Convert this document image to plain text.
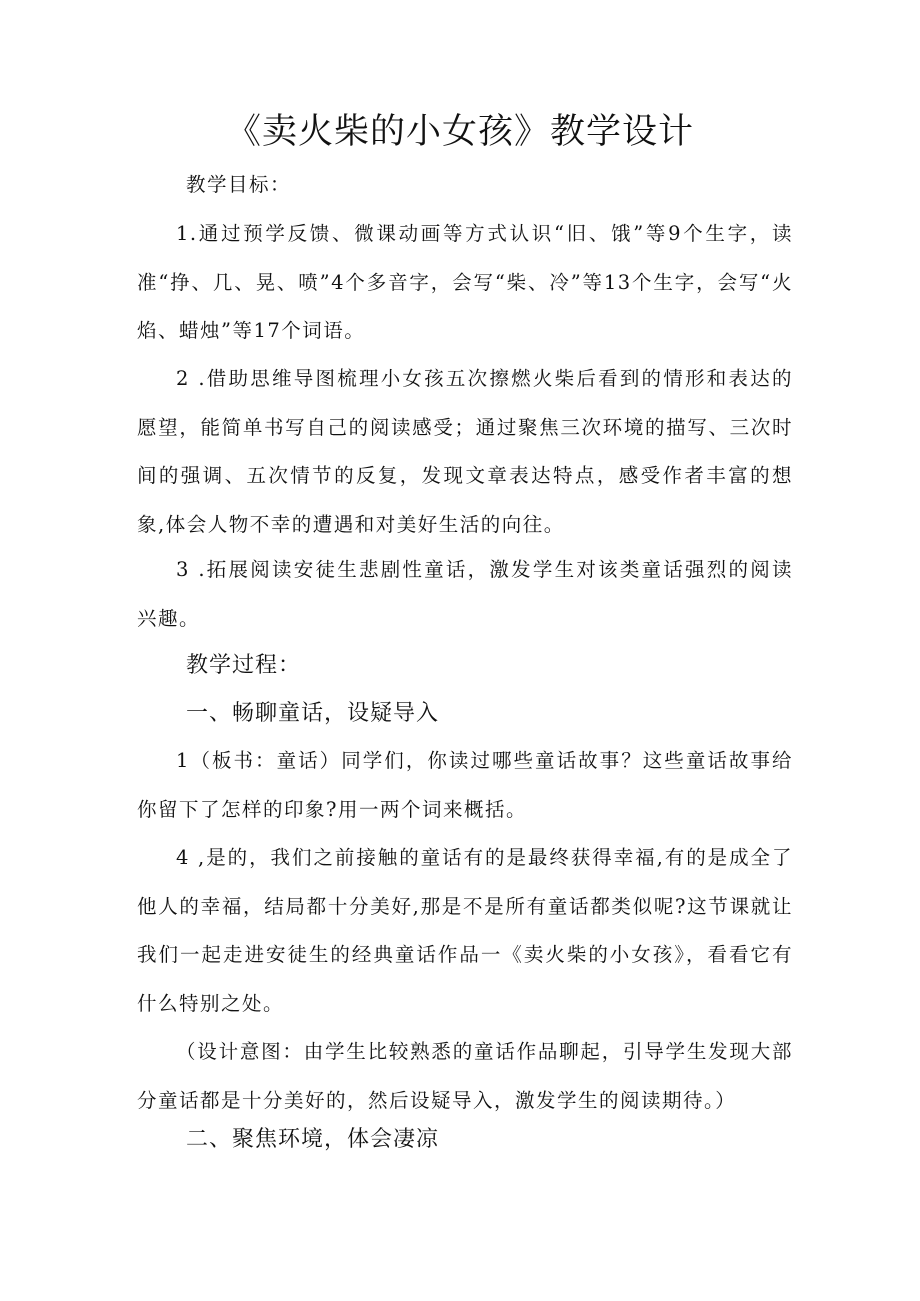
《卖火柴的小女孩》教学设计

教学目标：

1.通过预学反馈、微课动画等方式认识“旧、饿”等9个生字，读准“挣、几、晃、喷”4个多音字，会写“柴、冷”等13个生字，会写“火焰、蜡烛”等17个词语。

2 .借助思维导图梳理小女孩五次擦燃火柴后看到的情形和表达的愿望，能简单书写自己的阅读感受；通过聚焦三次环境的描写、三次时间的强调、五次情节的反复，发现文章表达特点，感受作者丰富的想象,体会人物不幸的遭遇和对美好生活的向往。

3 .拓展阅读安徒生悲剧性童话，激发学生对该类童话强烈的阅读兴趣。

教学过程：

一、畅聊童话，设疑导入

1（板书：童话）同学们，你读过哪些童话故事？这些童话故事给你留下了怎样的印象?用一两个词来概括。

4 ,是的，我们之前接触的童话有的是最终获得幸福,有的是成全了他人的幸福，结局都十分美好,那是不是所有童话都类似呢?这节课就让我们一起走进安徒生的经典童话作品一《卖火柴的小女孩》，看看它有什么特别之处。

（设计意图：由学生比较熟悉的童话作品聊起，引导学生发现大部分童话都是十分美好的，然后设疑导入，激发学生的阅读期待。）

二、聚焦环境，体会凄凉
